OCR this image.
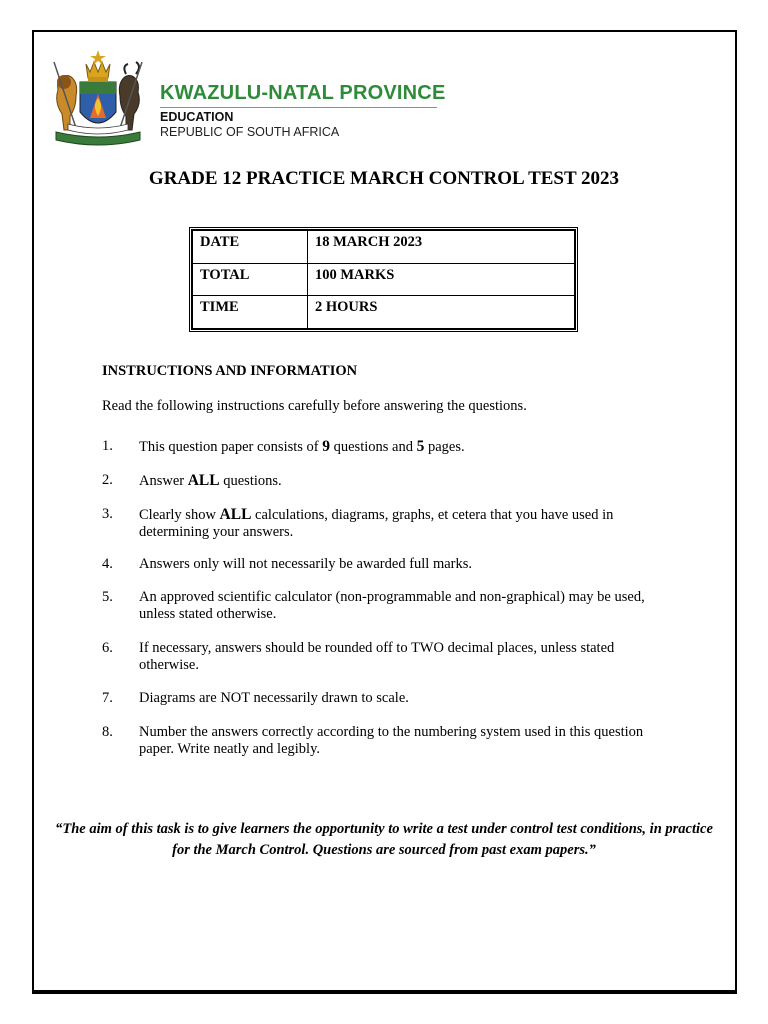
KWAZULU-NATAL PROVINCE
EDUCATION
REPUBLIC OF SOUTH AFRICA
GRADE 12 PRACTICE MARCH CONTROL TEST 2023
DATE	18 MARCH 2023
TOTAL	100 MARKS
TIME	2 HOURS
INSTRUCTIONS AND INFORMATION
Read the following instructions carefully before answering the questions.
1. This question paper consists of 9 questions and 5 pages.
2. Answer ALL questions.
3. Clearly show ALL calculations, diagrams, graphs, et cetera that you have used in determining your answers.
4. Answers only will not necessarily be awarded full marks.
5. An approved scientific calculator (non-programmable and non-graphical) may be used, unless stated otherwise.
6. If necessary, answers should be rounded off to TWO decimal places, unless stated otherwise.
7. Diagrams are NOT necessarily drawn to scale.
8. Number the answers correctly according to the numbering system used in this question paper. Write neatly and legibly.
“The aim of this task is to give learners the opportunity to write a test under control test conditions, in practice for the March Control. Questions are sourced from past exam papers.”
